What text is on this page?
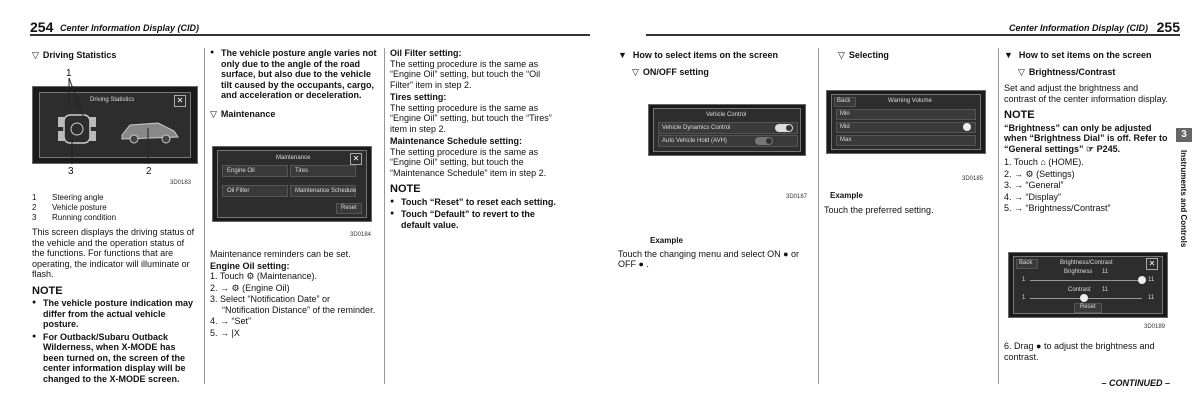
254 Center Information Display (CID)
▽ Driving Statistics
1
Driving Statistics	✕
3	2
3D0183
1 Steering angle
2 Vehicle posture
3 Running condition
This screen displays the driving status of the vehicle and the operation status of the functions. For functions that are operating, the indicator will illuminate or flash.
NOTE
● The vehicle posture indication may differ from the actual vehicle posture.
● For Outback/Subaru Outback Wilderness, when X-MODE has been turned on, the screen of the center information display will be changed to the X-MODE screen.
● The vehicle posture angle varies not only due to the angle of the road surface, but also due to the vehicle tilt caused by the occupants, cargo, and acceleration or deceleration.
▽ Maintenance
Maintenance	✕
Engine Oil	Tires
Oil Filter	Maintenance Schedule
Reset
3D0184
Maintenance reminders can be set.
Engine Oil setting:
1. Touch ⚙ (Maintenance).
2. → ⚙ (Engine Oil)
3. Select “Notification Date” or “Notification Distance” of the reminder.
4. → “Set”
5. → |X
Oil Filter setting:
The setting procedure is the same as “Engine Oil” setting, but touch the “Oil Filter” item in step 2.
Tires setting:
The setting procedure is the same as “Engine Oil” setting, but touch the “Tires” item in step 2.
Maintenance Schedule setting:
The setting procedure is the same as “Engine Oil” setting, but touch the “Maintenance Schedule” item in step 2.
NOTE
● Touch “Reset” to reset each setting.
● Touch “Default” to revert to the default value.
Center Information Display (CID) 255
▼ How to select items on the screen
▽ ON/OFF setting
Vehicle Control
Vehicle Dynamics Control
Auto Vehicle Hold (AVH)
3D0187
Example
Touch the changing menu and select ON ● or OFF ● .
▽ Selecting
Back	Warning Volume
Min
Mid
Max
3D0185
Example
Touch the preferred setting.
▼ How to set items on the screen
▽ Brightness/Contrast
Set and adjust the brightness and contrast of the center information display.
NOTE
“Brightness” can only be adjusted when “Brightness Dial” is off. Refer to “General settings” ☞ P245.
1. Touch ⌂ (HOME).
2. → ⚙ (Settings)
3. → “General”
4. → “Display”
5. → “Brightness/Contrast”
Back	Brightness/Contrast	✕
Brightness 11
1	11
Contrast 11
1	11
Reset
3D0189
6. Drag ● to adjust the brightness and contrast.
3
Instruments and Controls
– CONTINUED –
